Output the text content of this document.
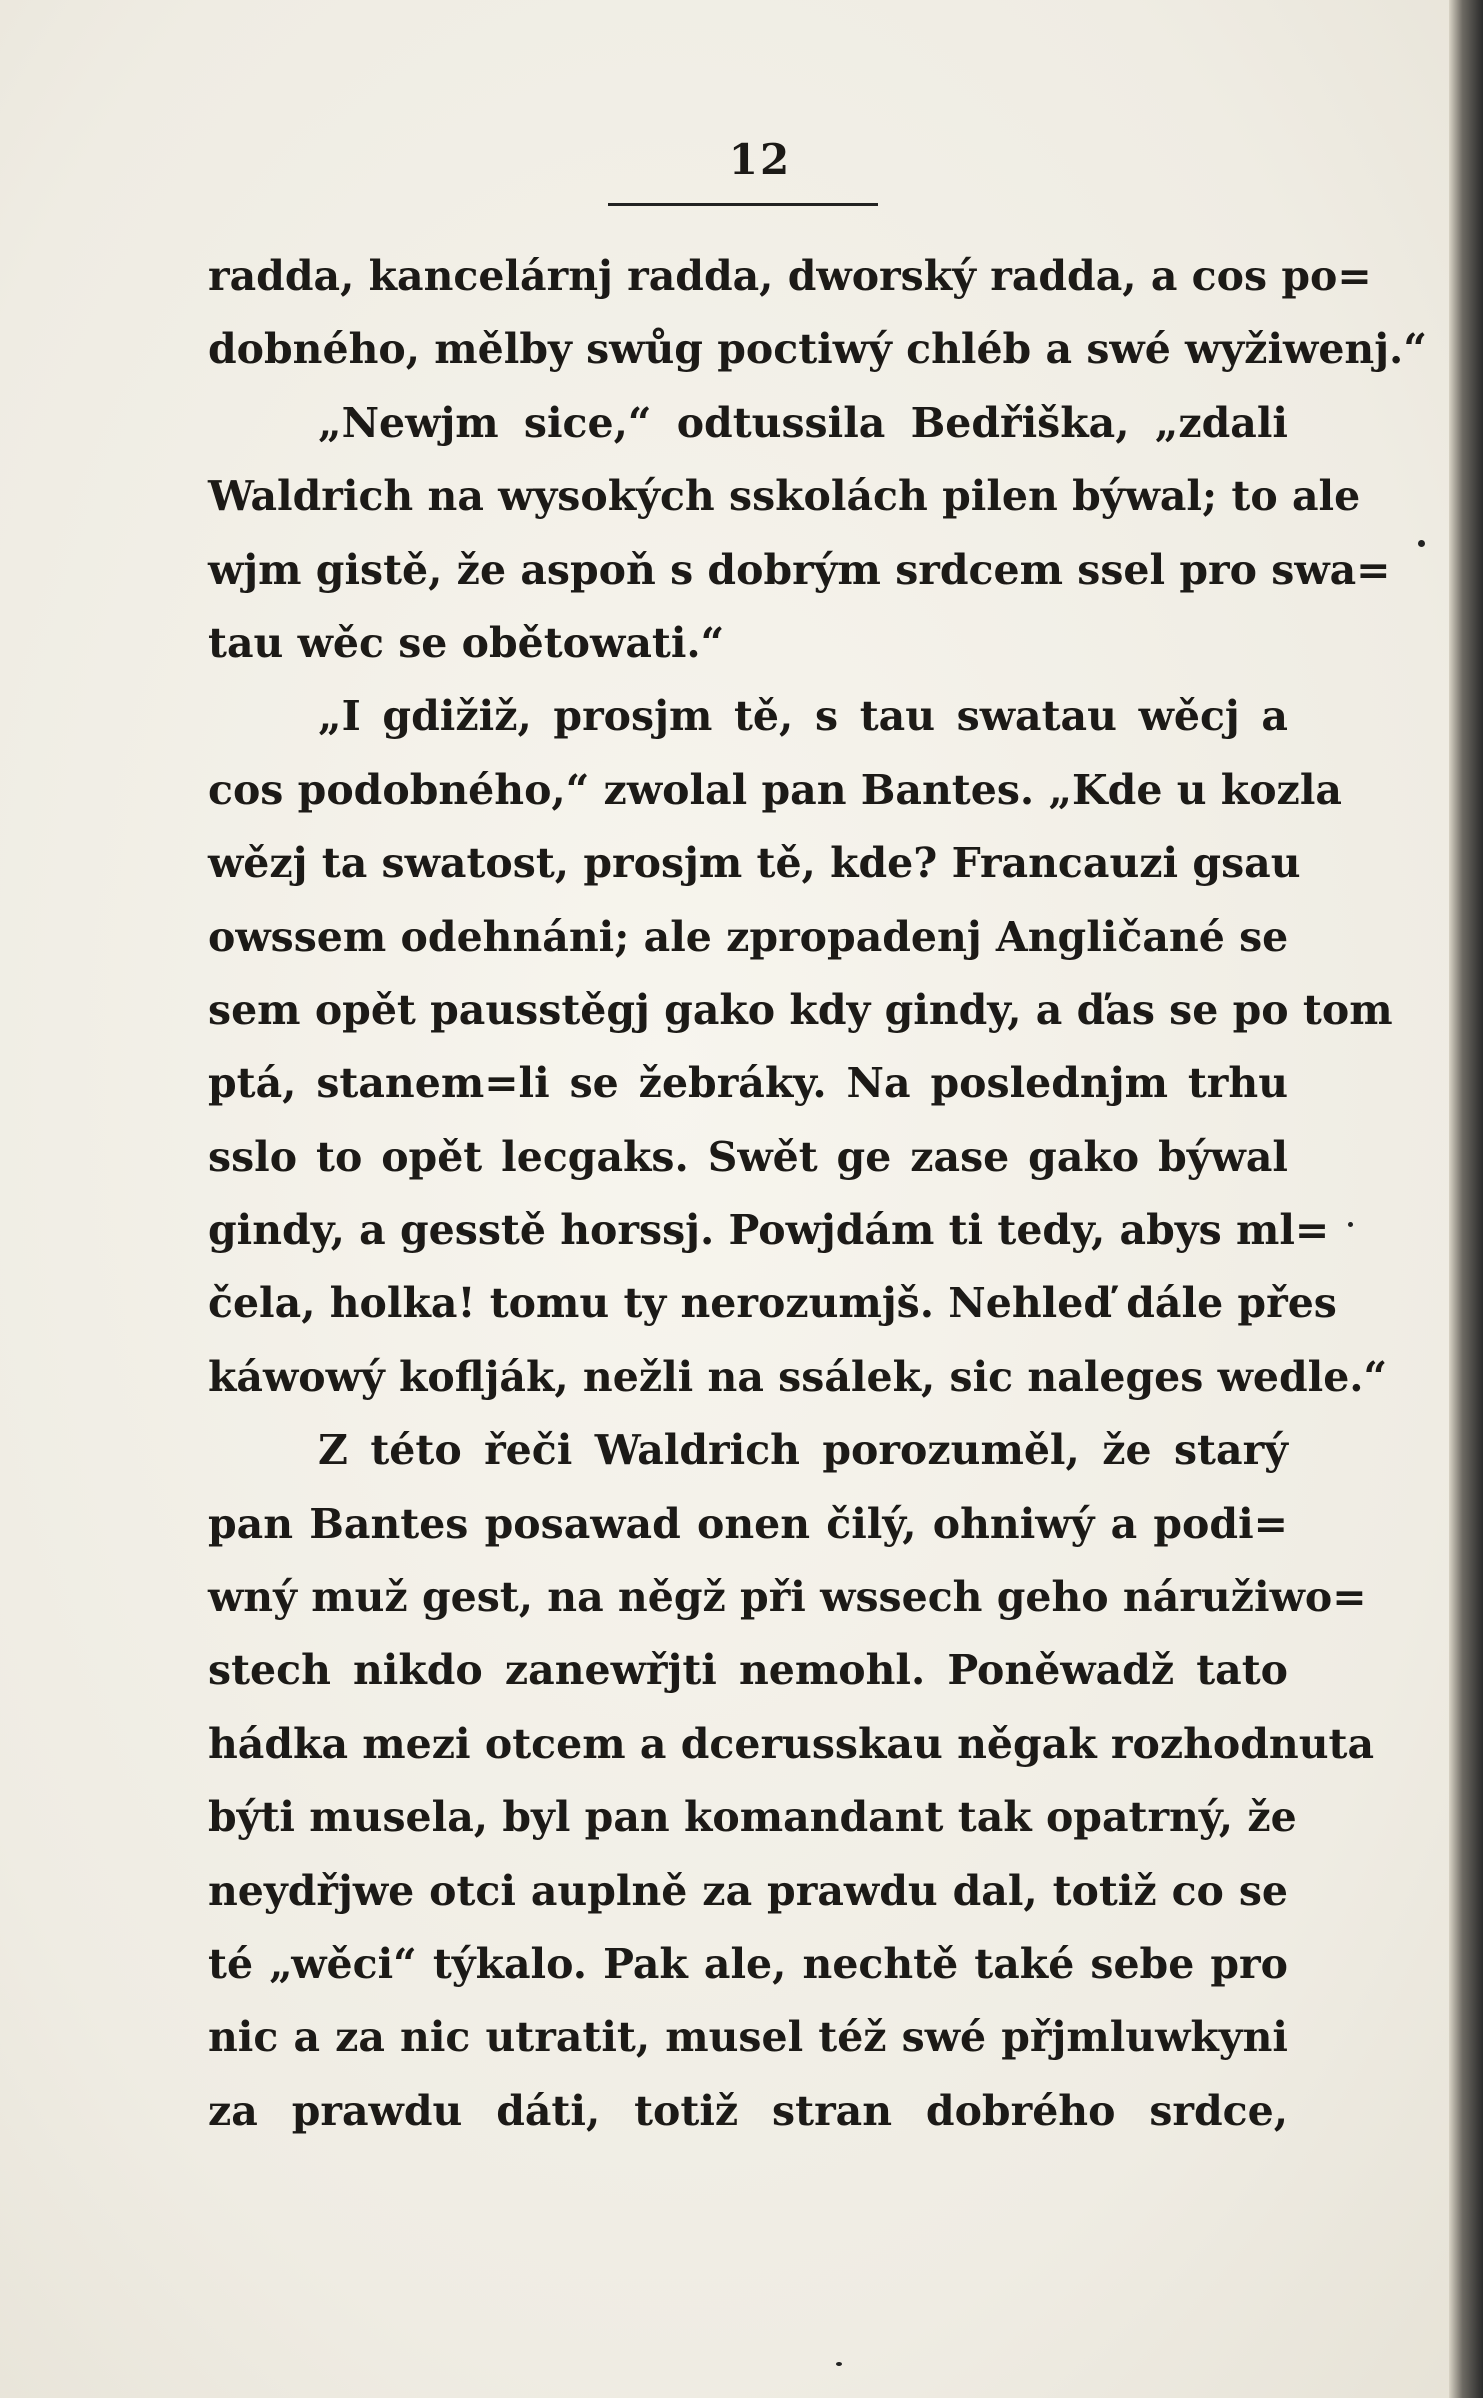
12
radda, kancelárnj radda, dworský radda, a cos po=
dobného, mělby swůg poctiwý chléb a swé wyžiwenj.“
„Newjm sice,“ odtussila Bedřiška, „zdali
Waldrich na wysokých sskolách pilen býwal; to ale
wjm gistě, že aspoň s dobrým srdcem ssel pro swa=
tau wěc se obětowati.“
„I gdižiž, prosjm tě, s tau swatau wěcj a
cos podobného,“ zwolal pan Bantes. „Kde u kozla
wězj ta swatost, prosjm tě, kde? Francauzi gsau
owssem odehnáni; ale zpropadenj Angličané se
sem opět pausstěgj gako kdy gindy, a ďas se po tom
ptá, stanem=li se žebráky. Na poslednjm trhu
sslo to opět lecgaks. Swět ge zase gako býwal
gindy, a gesstě horssj. Powjdám ti tedy, abys ml=
čela, holka! tomu ty nerozumjš. Nehleď dále přes
káwowý koflják, nežli na ssálek, sic naleges wedle.“
Z této řeči Waldrich porozuměl, že starý
pan Bantes posawad onen čilý, ohniwý a podi=
wný muž gest, na něgž při wssech geho náružiwo=
stech nikdo zanewřjti nemohl. Poněwadž tato
hádka mezi otcem a dcerusskau něgak rozhodnuta
býti musela, byl pan komandant tak opatrný, že
neydřjwe otci auplně za prawdu dal, totiž co se
té „wěci“ týkalo. Pak ale, nechtě také sebe pro
nic a za nic utratit, musel též swé přjmluwkyni
za prawdu dáti, totiž stran dobrého srdce,
